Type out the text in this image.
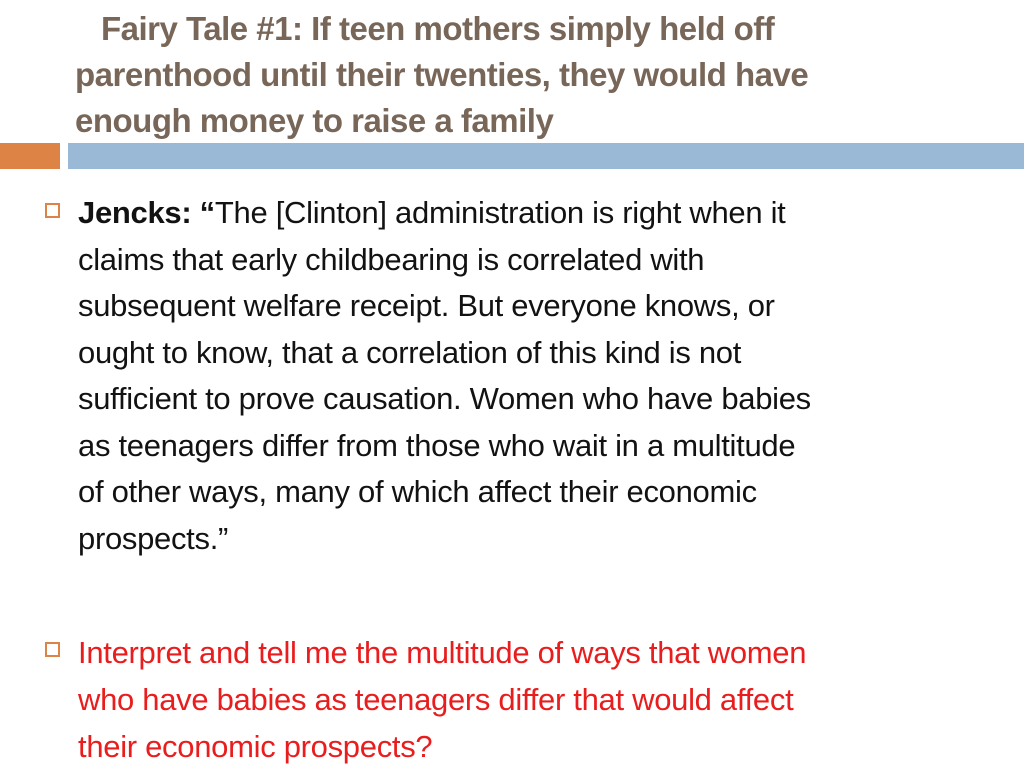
Fairy Tale #1: If teen mothers simply held off
parenthood until their twenties, they would have
enough money to raise a family
Jencks: “The [Clinton] administration is right when it
claims that early childbearing is correlated with
subsequent welfare receipt. But everyone knows, or
ought to know, that a correlation of this kind is not
sufficient to prove causation. Women who have babies
as teenagers differ from those who wait in a multitude
of other ways, many of which affect their economic
prospects.”
Interpret and tell me the multitude of ways that women
who have babies as teenagers differ that would affect
their economic prospects?
